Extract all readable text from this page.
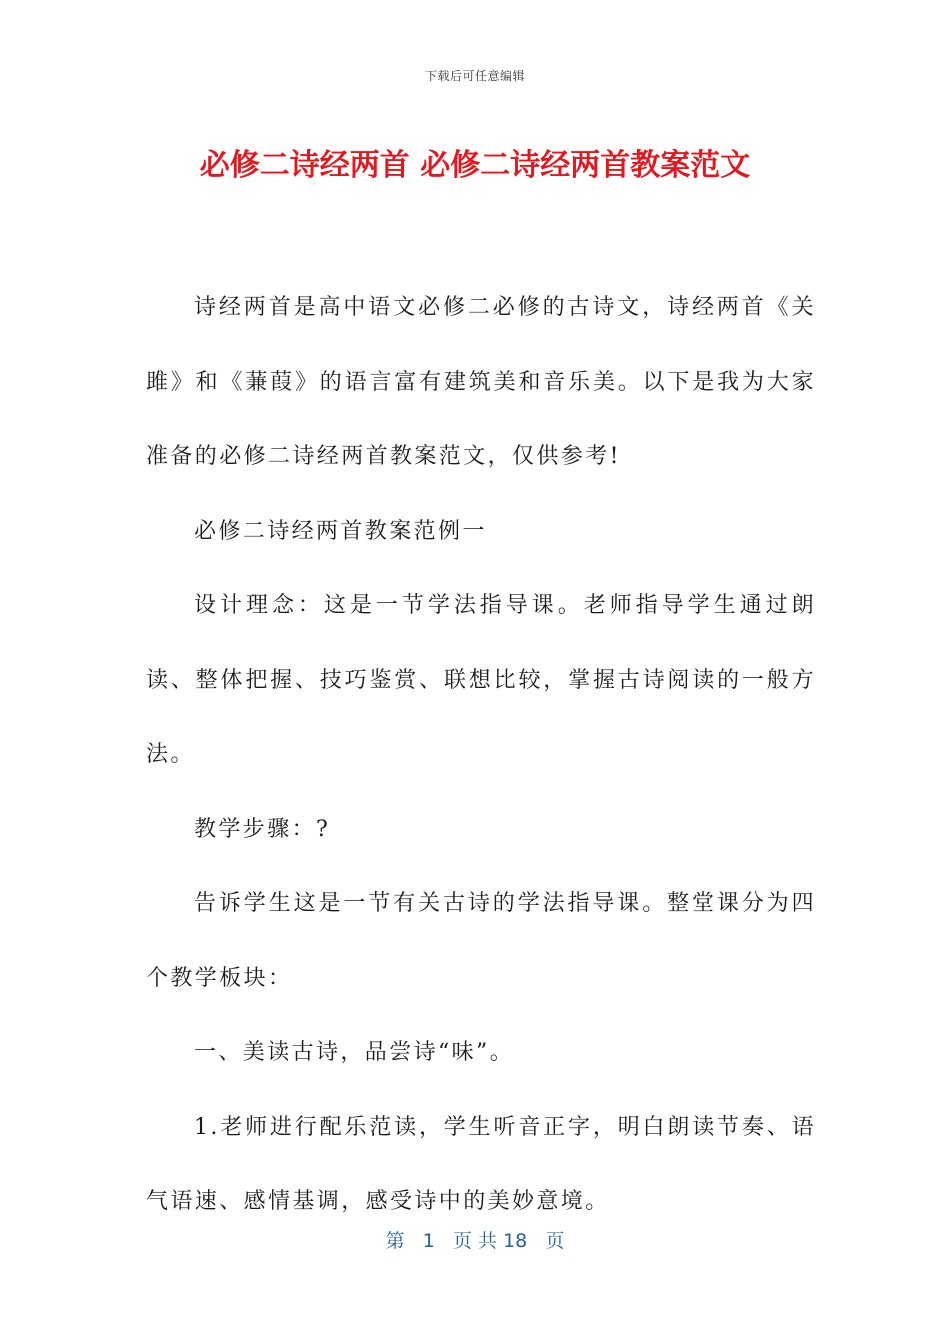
下载后可任意编辑
必修二诗经两首 必修二诗经两首教案范文

诗经两首是高中语文必修二必修的古诗文，诗经两首《关雎》和《蒹葭》的语言富有建筑美和音乐美。以下是我为大家准备的必修二诗经两首教案范文，仅供参考!

必修二诗经两首教案范例一

设计理念：这是一节学法指导课。老师指导学生通过朗读、整体把握、技巧鉴赏、联想比较，掌握古诗阅读的一般方法。

教学步骤：?

告诉学生这是一节有关古诗的学法指导课。整堂课分为四个教学板块：

一、美读古诗，品尝诗“味”。

1.老师进行配乐范读，学生听音正字，明白朗读节奏、语气语速、感情基调，感受诗中的美妙意境。

第 1 页 共 18 页
